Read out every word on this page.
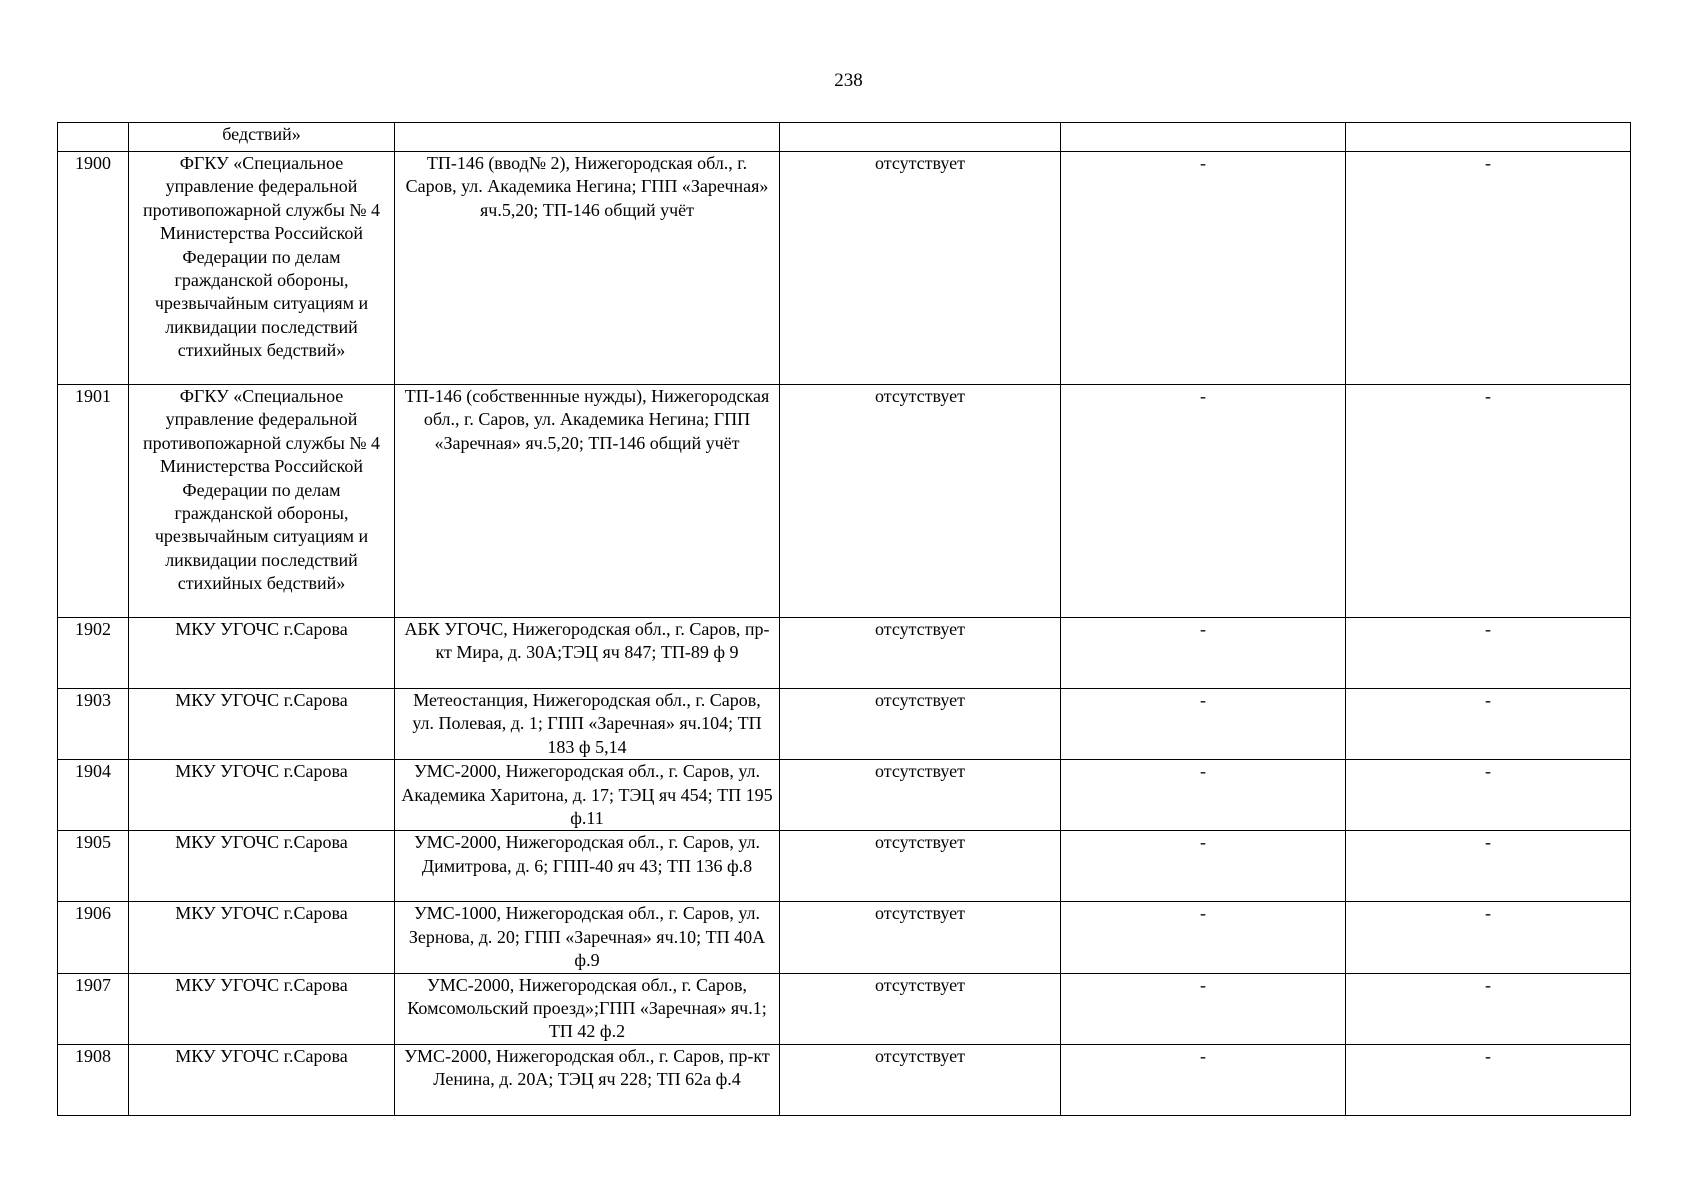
238
	бедствий»				
1900	ФГКУ «Специальное управление федеральной противопожарной службы № 4 Министерства Российской Федерации по делам гражданской обороны, чрезвычайным ситуациям и ликвидации последствий стихийных бедствий»	ТП-146 (ввод№ 2), Нижегородская обл., г. Саров, ул. Академика Негина; ГПП «Заречная» яч.5,20; ТП-146 общий учёт	отсутствует	-	-
1901	ФГКУ «Специальное управление федеральной противопожарной службы № 4 Министерства Российской Федерации по делам гражданской обороны, чрезвычайным ситуациям и ликвидации последствий стихийных бедствий»	ТП-146 (собственнные нужды), Нижегородская обл., г. Саров, ул. Академика Негина; ГПП «Заречная» яч.5,20; ТП-146 общий учёт	отсутствует	-	-
1902	МКУ УГОЧС г.Сарова	АБК УГОЧС, Нижегородская обл., г. Саров, пр-кт Мира, д. 30А;ТЭЦ яч 847; ТП-89 ф 9	отсутствует	-	-
1903	МКУ УГОЧС г.Сарова	Метеостанция, Нижегородская обл., г. Саров, ул. Полевая, д. 1; ГПП «Заречная» яч.104; ТП 183 ф 5,14	отсутствует	-	-
1904	МКУ УГОЧС г.Сарова	УМС-2000, Нижегородская обл., г. Саров, ул. Академика Харитона, д. 17; ТЭЦ яч 454; ТП 195 ф.11	отсутствует	-	-
1905	МКУ УГОЧС г.Сарова	УМС-2000, Нижегородская обл., г. Саров, ул. Димитрова, д. 6; ГПП-40 яч 43; ТП 136 ф.8	отсутствует	-	-
1906	МКУ УГОЧС г.Сарова	УМС-1000, Нижегородская обл., г. Саров, ул. Зернова, д. 20; ГПП «Заречная» яч.10; ТП 40А ф.9	отсутствует	-	-
1907	МКУ УГОЧС г.Сарова	УМС-2000, Нижегородская обл., г. Саров, Комсомольский проезд»;ГПП «Заречная» яч.1; ТП 42 ф.2	отсутствует	-	-
1908	МКУ УГОЧС г.Сарова	УМС-2000, Нижегородская обл., г. Саров, пр-кт Ленина, д. 20А; ТЭЦ яч 228; ТП 62а ф.4	отсутствует	-	-
